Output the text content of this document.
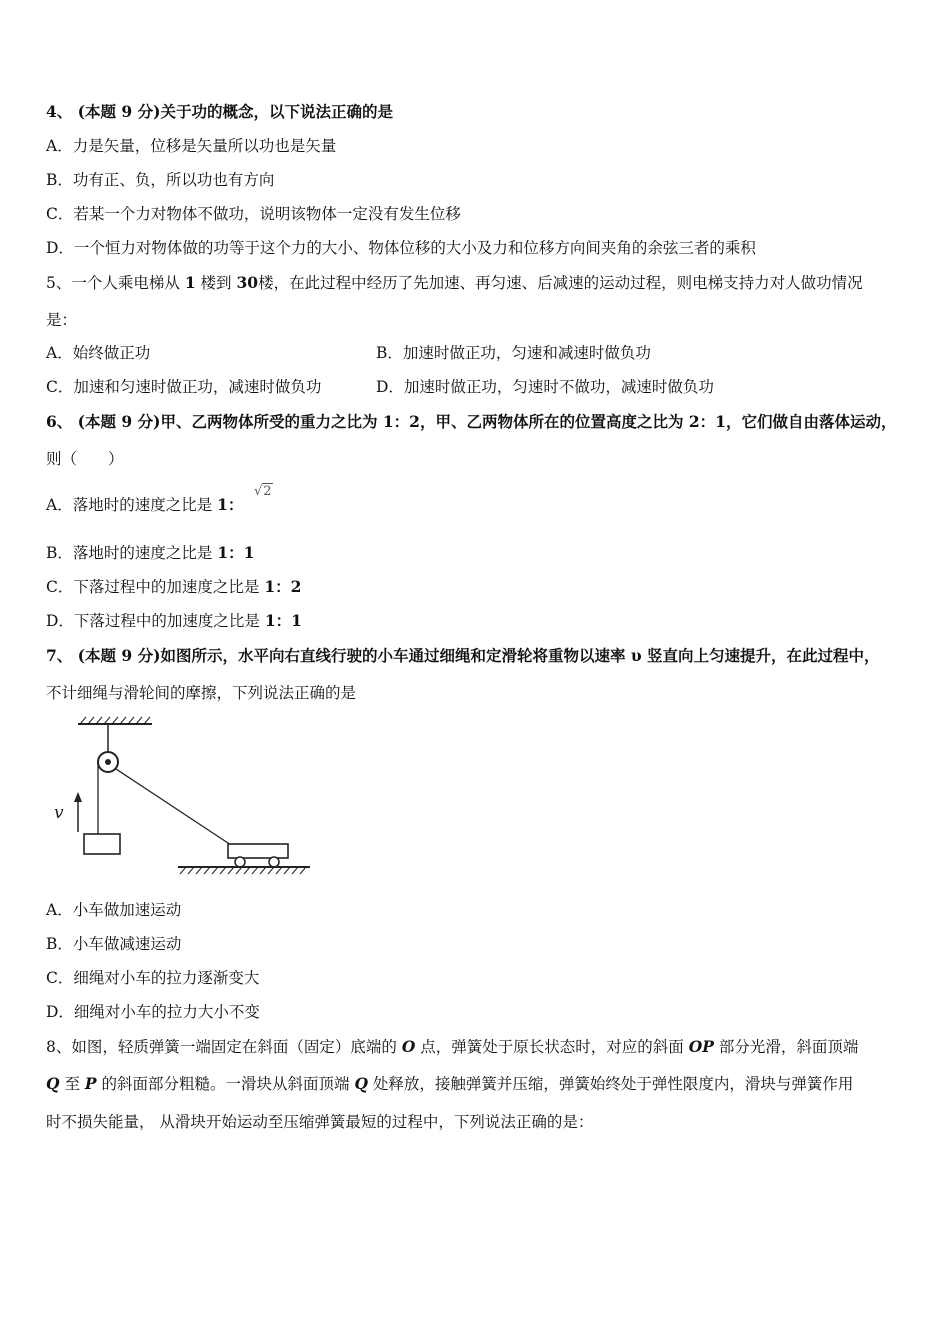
4、 (本题 9 分)关于功的概念，以下说法正确的是
A．力是矢量，位移是矢量所以功也是矢量
B．功有正、负，所以功也有方向
C．若某一个力对物体不做功，说明该物体一定没有发生位移
D．一个恒力对物体做的功等于这个力的大小、物体位移的大小及力和位移方向间夹角的余弦三者的乘积
5、一个人乘电梯从 1 楼到 30楼，在此过程中经历了先加速、再匀速、后减速的运动过程，则电梯支持力对人做功情况
是：
A．始终做正功	B．加速时做正功，匀速和减速时做负功
C．加速和匀速时做正功，减速时做负功	D．加速时做正功，匀速时不做功，减速时做负功
6、 (本题 9 分)甲、乙两物体所受的重力之比为 1：2，甲、乙两物体所在的位置高度之比为 2：1，它们做自由落体运动，
则（　　）
A．落地时的速度之比是 1：
√2
B．落地时的速度之比是 1：1
C．下落过程中的加速度之比是 1：2
D．下落过程中的加速度之比是 1：1
7、 (本题 9 分)如图所示，水平向右直线行驶的小车通过细绳和定滑轮将重物以速率 υ 竖直向上匀速提升，在此过程中，
不计细绳与滑轮间的摩擦，下列说法正确的是
v
A．小车做加速运动
B．小车做减速运动
C．细绳对小车的拉力逐渐变大
D．细绳对小车的拉力大小不变
8、如图，轻质弹簧一端固定在斜面（固定）底端的 O 点，弹簧处于原长状态时，对应的斜面 OP 部分光滑，斜面顶端
Q 至 P 的斜面部分粗糙。一滑块从斜面顶端 Q 处释放，接触弹簧并压缩，弹簧始终处于弹性限度内，滑块与弹簧作用
时不损失能量， 从滑块开始运动至压缩弹簧最短的过程中，下列说法正确的是：
